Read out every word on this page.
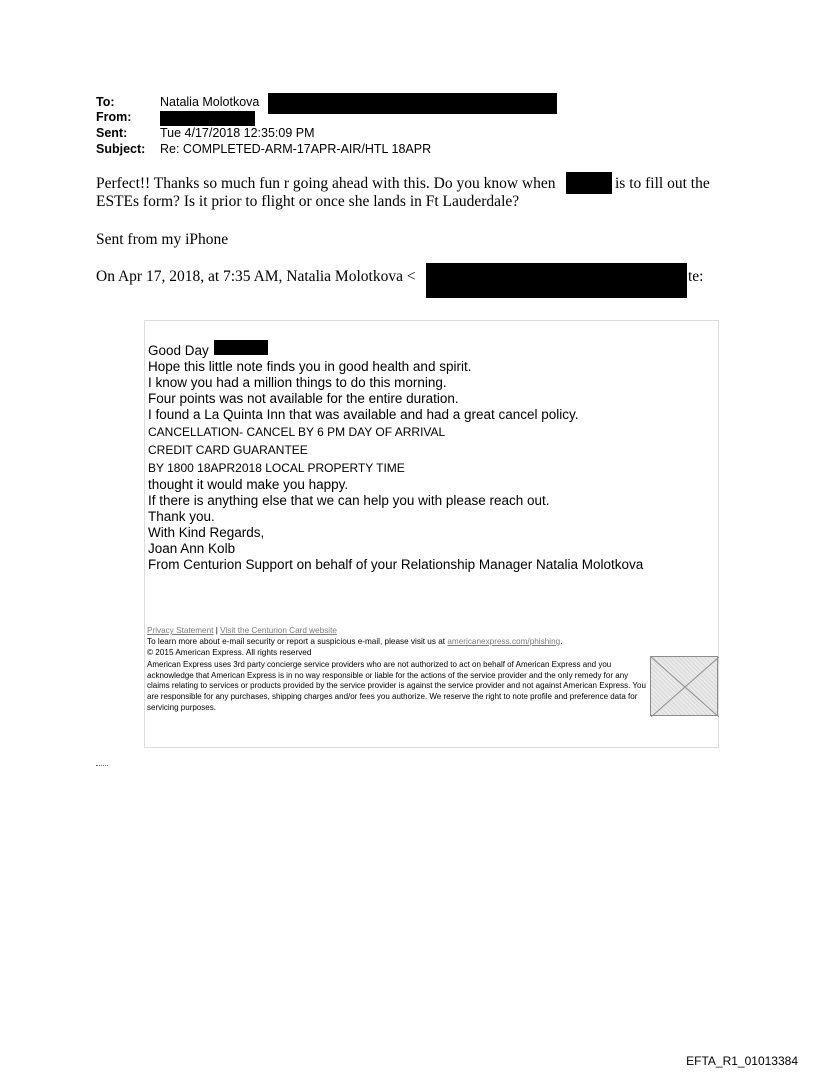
To:	Natalia Molotkova
From:
Sent:	Tue 4/17/2018 12:35:09 PM
Subject: Re: COMPLETED-ARM-17APR-AIR/HTL 18APR
Perfect!! Thanks so much fun r going ahead with this. Do you know when	is to fill out the
ESTEs form? Is it prior to flight or once she lands in Ft Lauderdale?
Sent from my iPhone
On Apr 17, 2018, at 7:35 AM, Natalia Molotkova <	te:
Good Day
Hope this little note finds you in good health and spirit.
I know you had a million things to do this morning.
Four points was not available for the entire duration.
I found a La Quinta Inn that was available and had a great cancel policy.
CANCELLATION- CANCEL BY 6 PM DAY OF ARRIVAL
CREDIT CARD GUARANTEE
BY 1800 18APR2018 LOCAL PROPERTY TIME
thought it would make you happy.
If there is anything else that we can help you with please reach out.
Thank you.
With Kind Regards,
Joan Ann Kolb
From Centurion Support on behalf of your Relationship Manager Natalia Molotkova
Privacy Statement | Visit the Centurion Card website
To learn more about e-mail security or report a suspicious e-mail, please visit us at americanexpress.com/phishing.
© 2015 American Express. All rights reserved
American Express uses 3rd party concierge service providers who are not authorized to act on behalf of American Express and you acknowledge that American Express is in no way responsible or liable for the actions of the service provider and the only remedy for any claims relating to services or products provided by the service provider is against the service provider and not against American Express. You are responsible for any purchases, shipping charges and/or fees you authorize. We reserve the right to note profile and preference data for servicing purposes.
EFTA_R1_01013384
